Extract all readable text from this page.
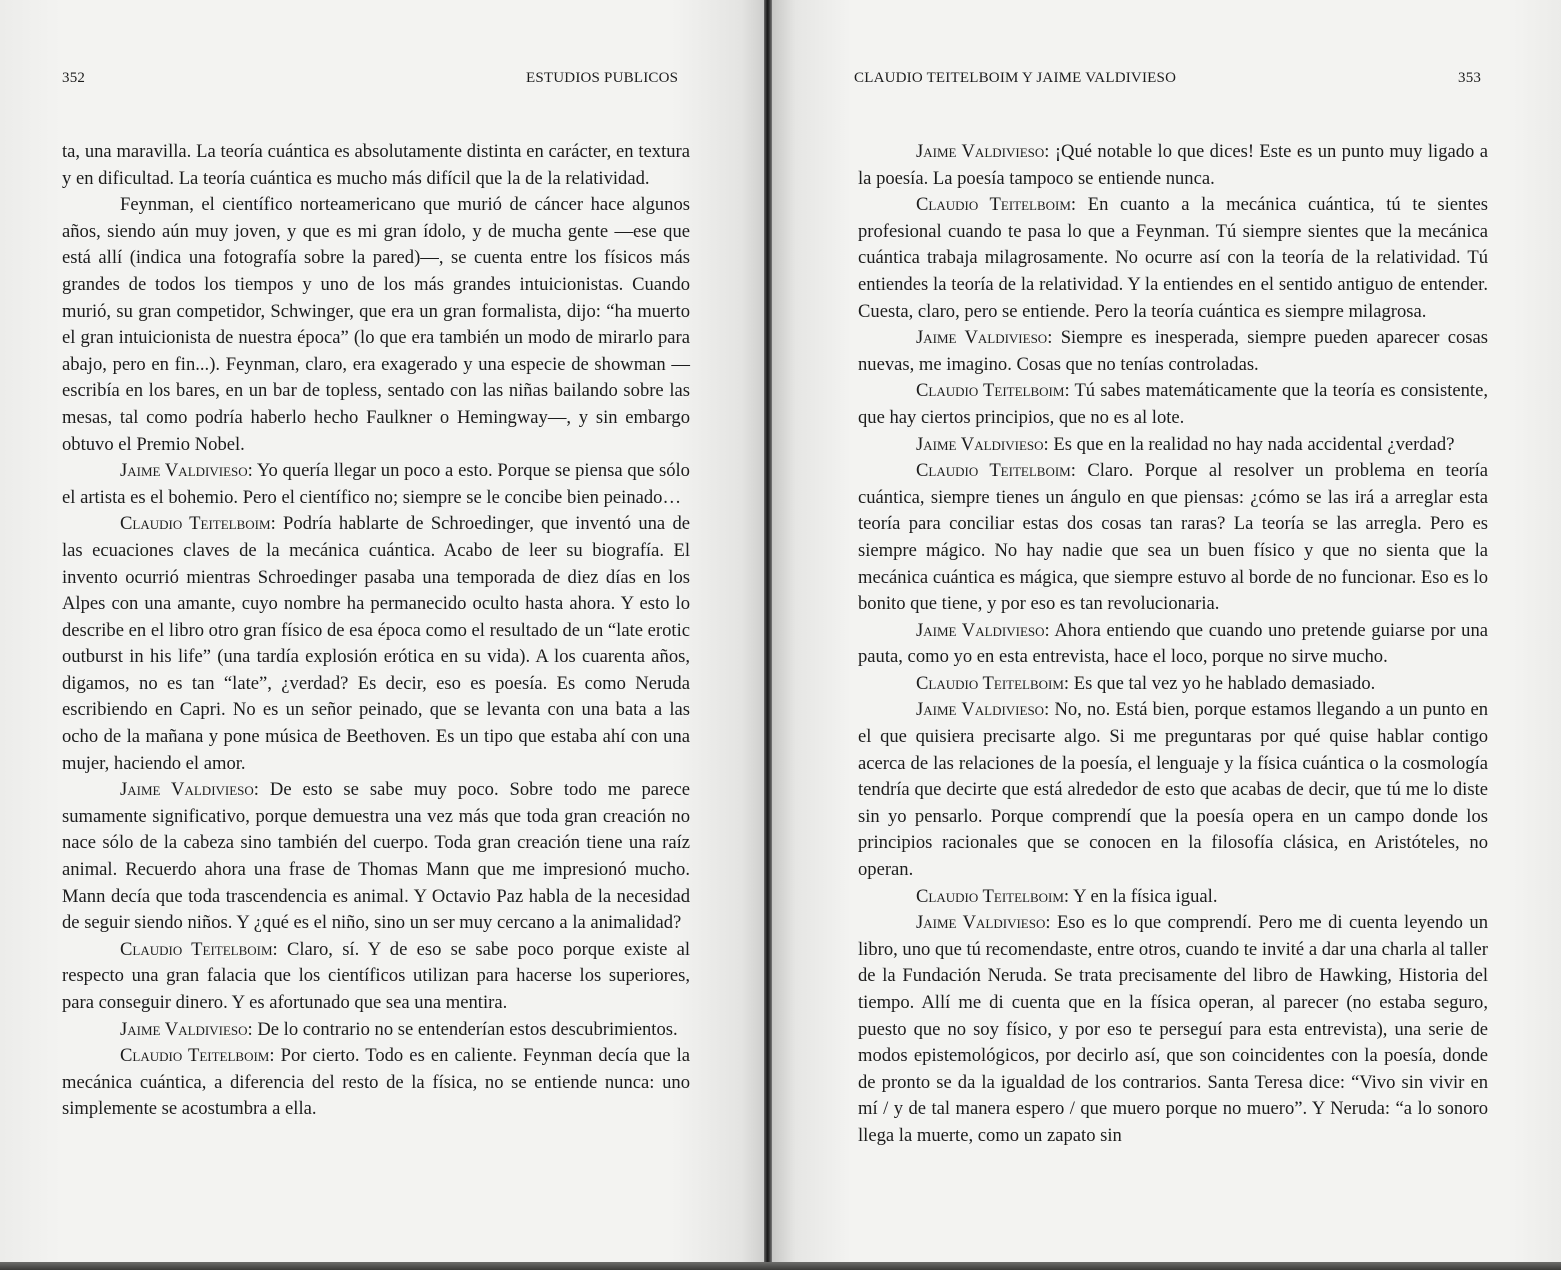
352	ESTUDIOS PUBLICOS

ta, una maravilla. La teoría cuántica es absolutamente distinta en carácter, en textura y en dificultad. La teoría cuántica es mucho más difícil que la de la relatividad.

Feynman, el científico norteamericano que murió de cáncer hace algunos años, siendo aún muy joven, y que es mi gran ídolo, y de mucha gente —ese que está allí (indica una fotografía sobre la pared)—, se cuenta entre los físicos más grandes de todos los tiempos y uno de los más grandes intuicionistas. Cuando murió, su gran competidor, Schwinger, que era un gran formalista, dijo: “ha muerto el gran intuicionista de nuestra época” (lo que era también un modo de mirarlo para abajo, pero en fin...). Feynman, claro, era exagerado y una especie de showman —escribía en los bares, en un bar de topless, sentado con las niñas bailando sobre las mesas, tal como podría haberlo hecho Faulkner o Hemingway—, y sin embargo obtuvo el Premio Nobel.

Jaime Valdivieso: Yo quería llegar un poco a esto. Porque se piensa que sólo el artista es el bohemio. Pero el científico no; siempre se le concibe bien peinado…

Claudio Teitelboim: Podría hablarte de Schroedinger, que inventó una de las ecuaciones claves de la mecánica cuántica. Acabo de leer su biografía. El invento ocurrió mientras Schroedinger pasaba una temporada de diez días en los Alpes con una amante, cuyo nombre ha permanecido oculto hasta ahora. Y esto lo describe en el libro otro gran físico de esa época como el resultado de un “late erotic outburst in his life” (una tardía explosión erótica en su vida). A los cuarenta años, digamos, no es tan “late”, ¿verdad? Es decir, eso es poesía. Es como Neruda escribiendo en Capri. No es un señor peinado, que se levanta con una bata a las ocho de la mañana y pone música de Beethoven. Es un tipo que estaba ahí con una mujer, haciendo el amor.

Jaime Valdivieso: De esto se sabe muy poco. Sobre todo me parece sumamente significativo, porque demuestra una vez más que toda gran creación no nace sólo de la cabeza sino también del cuerpo. Toda gran creación tiene una raíz animal. Recuerdo ahora una frase de Thomas Mann que me impresionó mucho. Mann decía que toda trascendencia es animal. Y Octavio Paz habla de la necesidad de seguir siendo niños. Y ¿qué es el niño, sino un ser muy cercano a la animalidad?

Claudio Teitelboim: Claro, sí. Y de eso se sabe poco porque existe al respecto una gran falacia que los científicos utilizan para hacerse los superiores, para conseguir dinero. Y es afortunado que sea una mentira.

Jaime Valdivieso: De lo contrario no se entenderían estos descubrimientos.

Claudio Teitelboim: Por cierto. Todo es en caliente. Feynman decía que la mecánica cuántica, a diferencia del resto de la física, no se entiende nunca: uno simplemente se acostumbra a ella.

CLAUDIO TEITELBOIM Y JAIME VALDIVIESO	353

Jaime Valdivieso: ¡Qué notable lo que dices! Este es un punto muy ligado a la poesía. La poesía tampoco se entiende nunca.

Claudio Teitelboim: En cuanto a la mecánica cuántica, tú te sientes profesional cuando te pasa lo que a Feynman. Tú siempre sientes que la mecánica cuántica trabaja milagrosamente. No ocurre así con la teoría de la relatividad. Tú entiendes la teoría de la relatividad. Y la entiendes en el sentido antiguo de entender. Cuesta, claro, pero se entiende. Pero la teoría cuántica es siempre milagrosa.

Jaime Valdivieso: Siempre es inesperada, siempre pueden aparecer cosas nuevas, me imagino. Cosas que no tenías controladas.

Claudio Teitelboim: Tú sabes matemáticamente que la teoría es consistente, que hay ciertos principios, que no es al lote.

Jaime Valdivieso: Es que en la realidad no hay nada accidental ¿verdad?

Claudio Teitelboim: Claro. Porque al resolver un problema en teoría cuántica, siempre tienes un ángulo en que piensas: ¿cómo se las irá a arreglar esta teoría para conciliar estas dos cosas tan raras? La teoría se las arregla. Pero es siempre mágico. No hay nadie que sea un buen físico y que no sienta que la mecánica cuántica es mágica, que siempre estuvo al borde de no funcionar. Eso es lo bonito que tiene, y por eso es tan revolucionaria.

Jaime Valdivieso: Ahora entiendo que cuando uno pretende guiarse por una pauta, como yo en esta entrevista, hace el loco, porque no sirve mucho.

Claudio Teitelboim: Es que tal vez yo he hablado demasiado.

Jaime Valdivieso: No, no. Está bien, porque estamos llegando a un punto en el que quisiera precisarte algo. Si me preguntaras por qué quise hablar contigo acerca de las relaciones de la poesía, el lenguaje y la física cuántica o la cosmología tendría que decirte que está alrededor de esto que acabas de decir, que tú me lo diste sin yo pensarlo. Porque comprendí que la poesía opera en un campo donde los principios racionales que se conocen en la filosofía clásica, en Aristóteles, no operan.

Claudio Teitelboim: Y en la física igual.

Jaime Valdivieso: Eso es lo que comprendí. Pero me di cuenta leyendo un libro, uno que tú recomendaste, entre otros, cuando te invité a dar una charla al taller de la Fundación Neruda. Se trata precisamente del libro de Hawking, Historia del tiempo. Allí me di cuenta que en la física operan, al parecer (no estaba seguro, puesto que no soy físico, y por eso te perseguí para esta entrevista), una serie de modos epistemológicos, por decirlo así, que son coincidentes con la poesía, donde de pronto se da la igualdad de los contrarios. Santa Teresa dice: “Vivo sin vivir en mí / y de tal manera espero / que muero porque no muero”. Y Neruda: “a lo sonoro llega la muerte, como un zapato sin
